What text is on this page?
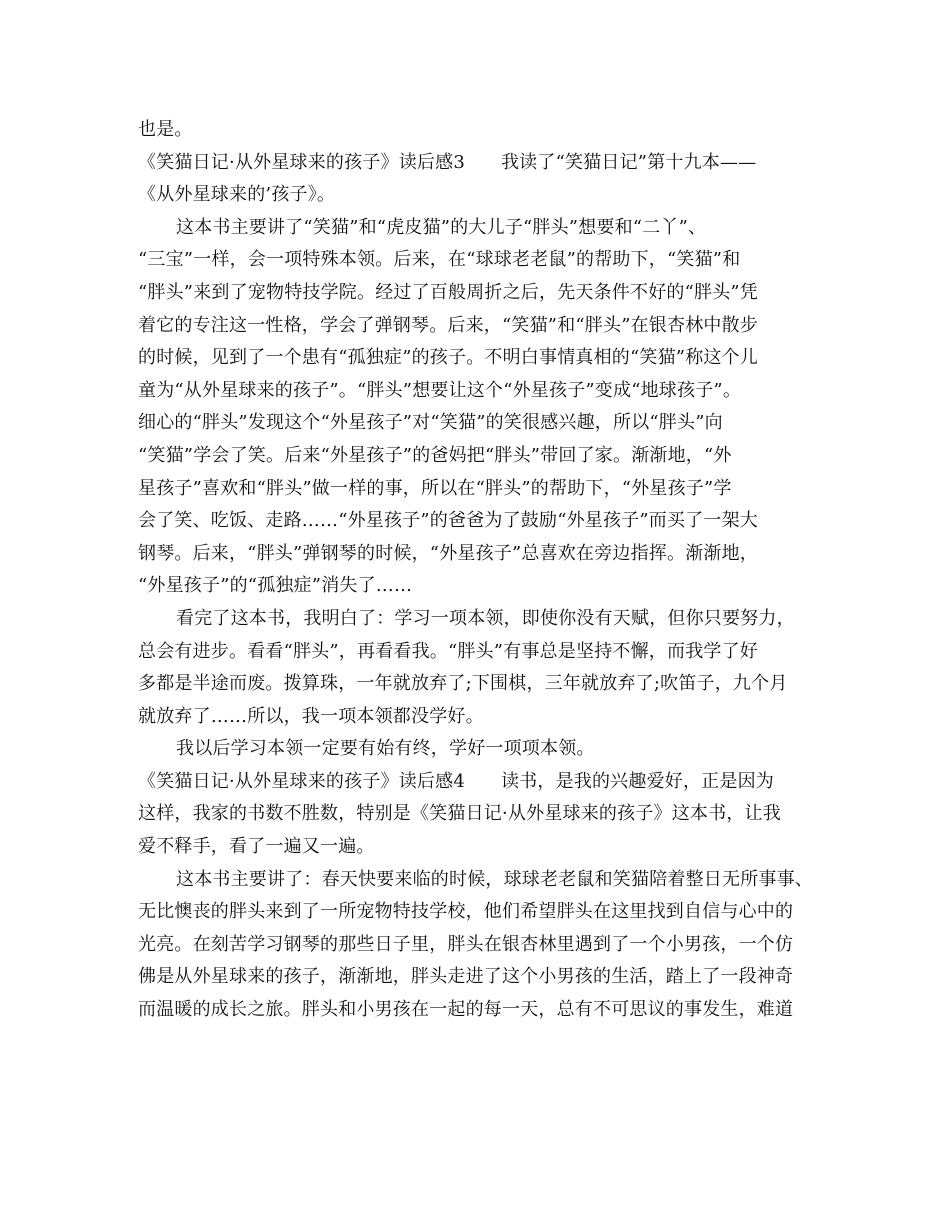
也是。
《笑猫日记·从外星球来的孩子》读后感3 我读了“笑猫日记”第十九本——
《从外星球来的’孩子》。
这本书主要讲了“笑猫”和“虎皮猫”的大儿子“胖头”想要和“二丫”、
“三宝”一样，会一项特殊本领。后来，在“球球老老鼠”的帮助下，“笑猫”和
“胖头”来到了宠物特技学院。经过了百般周折之后，先天条件不好的“胖头”凭
着它的专注这一性格，学会了弹钢琴。后来，“笑猫”和“胖头”在银杏林中散步
的时候，见到了一个患有“孤独症”的孩子。不明白事情真相的“笑猫”称这个儿
童为“从外星球来的孩子”。“胖头”想要让这个“外星孩子”变成“地球孩子”。
细心的“胖头”发现这个“外星孩子”对“笑猫”的笑很感兴趣，所以“胖头”向
“笑猫”学会了笑。后来“外星孩子”的爸妈把“胖头”带回了家。渐渐地，“外
星孩子”喜欢和“胖头”做一样的事，所以在“胖头”的帮助下，“外星孩子”学
会了笑、吃饭、走路……“外星孩子”的爸爸为了鼓励“外星孩子”而买了一架大
钢琴。后来，“胖头”弹钢琴的时候，“外星孩子”总喜欢在旁边指挥。渐渐地，
“外星孩子”的“孤独症”消失了……
看完了这本书，我明白了：学习一项本领，即使你没有天赋，但你只要努力，
总会有进步。看看“胖头”，再看看我。“胖头”有事总是坚持不懈，而我学了好
多都是半途而废。拨算珠，一年就放弃了;下围棋，三年就放弃了;吹笛子，九个月
就放弃了……所以，我一项本领都没学好。
我以后学习本领一定要有始有终，学好一项项本领。
《笑猫日记·从外星球来的孩子》读后感4 读书，是我的兴趣爱好，正是因为
这样，我家的书数不胜数，特别是《笑猫日记·从外星球来的孩子》这本书，让我
爱不释手，看了一遍又一遍。
这本书主要讲了：春天快要来临的时候，球球老老鼠和笑猫陪着整日无所事事、
无比懊丧的胖头来到了一所宠物特技学校，他们希望胖头在这里找到自信与心中的
光亮。在刻苦学习钢琴的那些日子里，胖头在银杏林里遇到了一个小男孩，一个仿
佛是从外星球来的孩子，渐渐地，胖头走进了这个小男孩的生活，踏上了一段神奇
而温暖的成长之旅。胖头和小男孩在一起的每一天，总有不可思议的事发生，难道
